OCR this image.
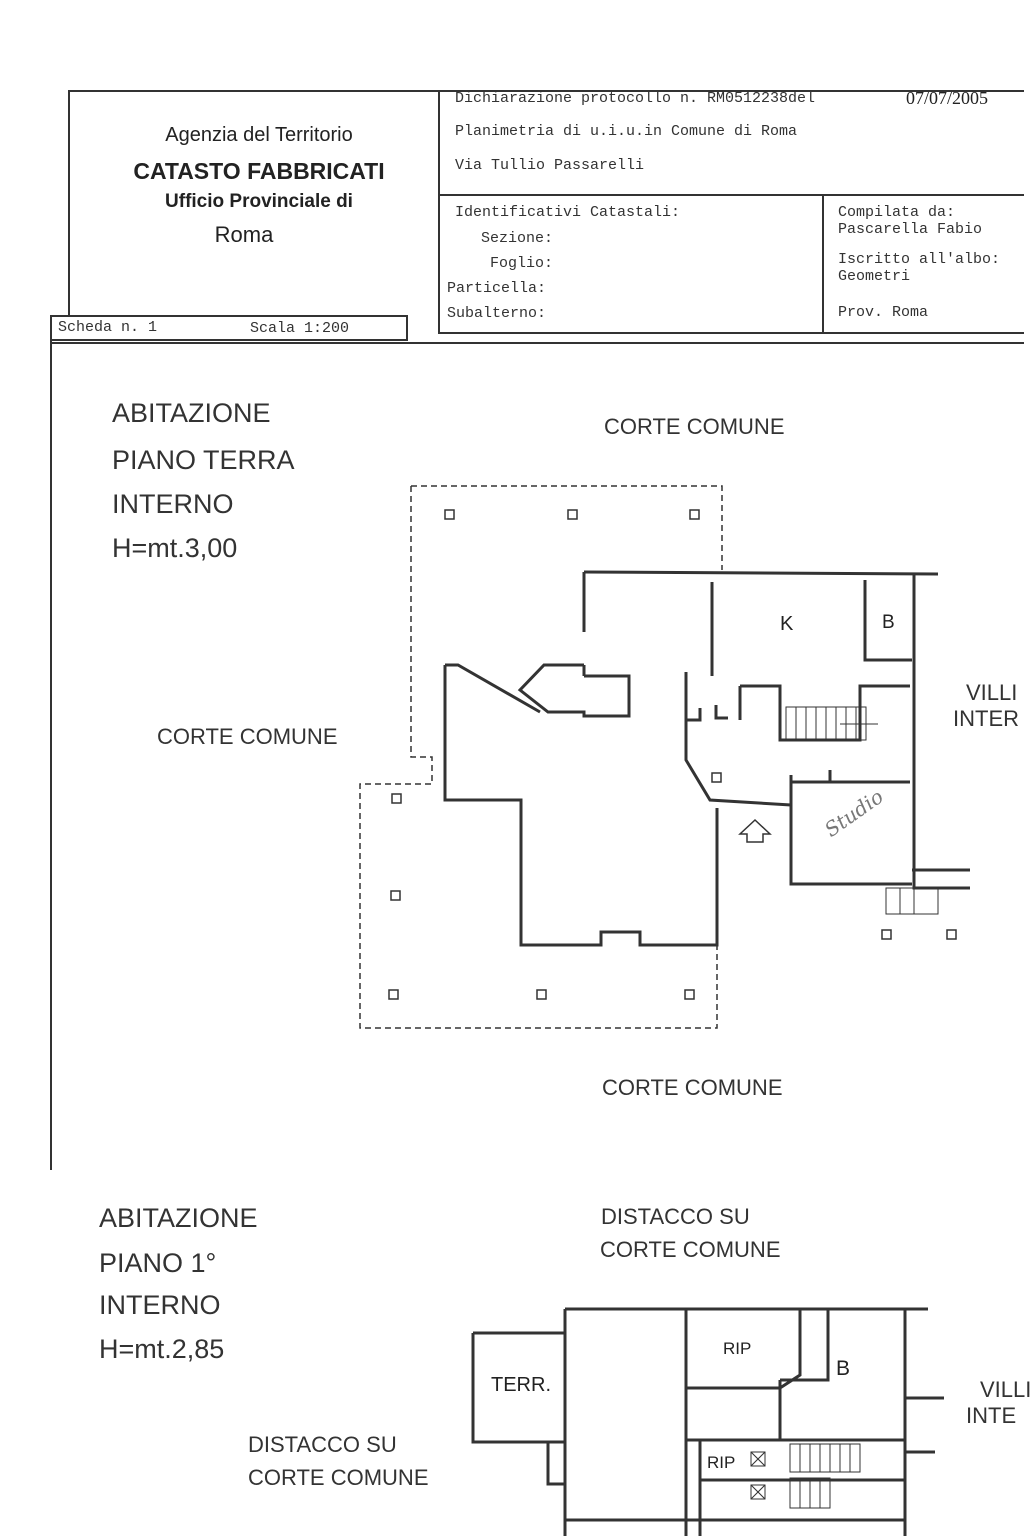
Scheda n. 1	Scala 1:200
Agenzia del Territorio
CATASTO FABBRICATI
Ufficio Provinciale di
Roma
Dichiarazione protocollo n. RM0512238del	07/07/2005
Planimetria di u.i.u.in Comune di Roma
Via Tullio Passarelli
Identificativi Catastali:
Sezione:
Foglio:
Particella:
Subalterno:
Compilata da:
Pascarella Fabio
Iscritto all'albo:
Geometri
Prov. Roma
ABITAZIONE
PIANO TERRA
INTERNO
H=mt.3,00
CORTE COMUNE
CORTE COMUNE
CORTE COMUNE
VILLI
INTER
K	B
Studio
ABITAZIONE
PIANO 1°
INTERNO
H=mt.2,85
DISTACCO SU
CORTE COMUNE
DISTACCO SU
CORTE COMUNE
VILLI
INTE
TERR.
RIP
RIP
B
